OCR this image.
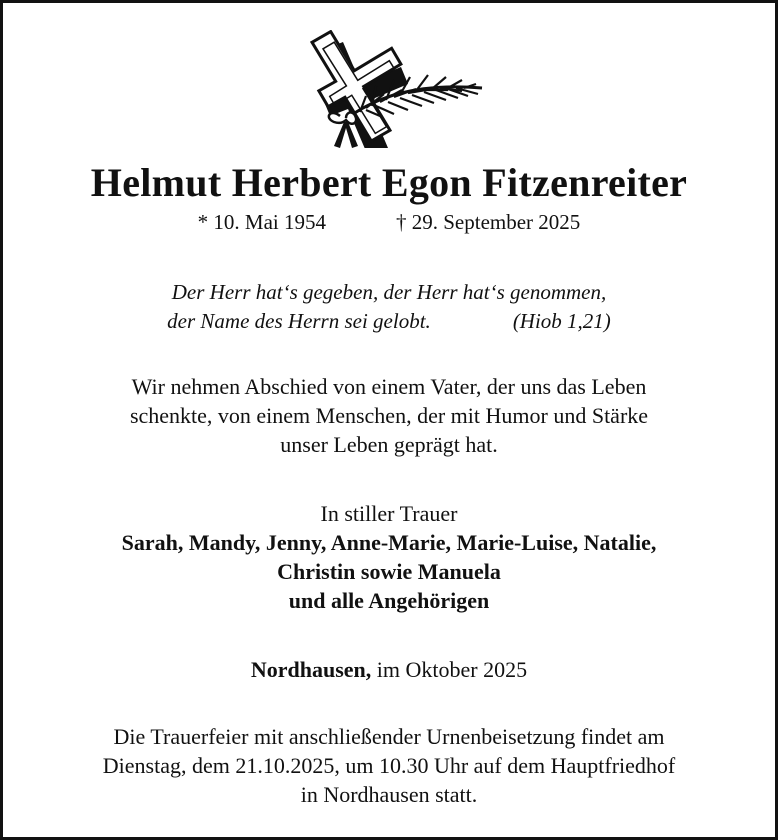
Helmut Herbert Egon Fitzenreiter
* 10. Mai 1954	† 29. September 2025
Der Herr hat‘s gegeben, der Herr hat‘s genommen,
der Name des Herrn sei gelobt.	(Hiob 1,21)
Wir nehmen Abschied von einem Vater, der uns das Leben
schenkte, von einem Menschen, der mit Humor und Stärke
unser Leben geprägt hat.
In stiller Trauer
Sarah, Mandy, Jenny, Anne-Marie, Marie-Luise, Natalie,
Christin sowie Manuela
und alle Angehörigen
Nordhausen, im Oktober 2025
Die Trauerfeier mit anschließender Urnenbeisetzung findet am
Dienstag, dem 21.10.2025, um 10.30 Uhr auf dem Hauptfriedhof
in Nordhausen statt.
